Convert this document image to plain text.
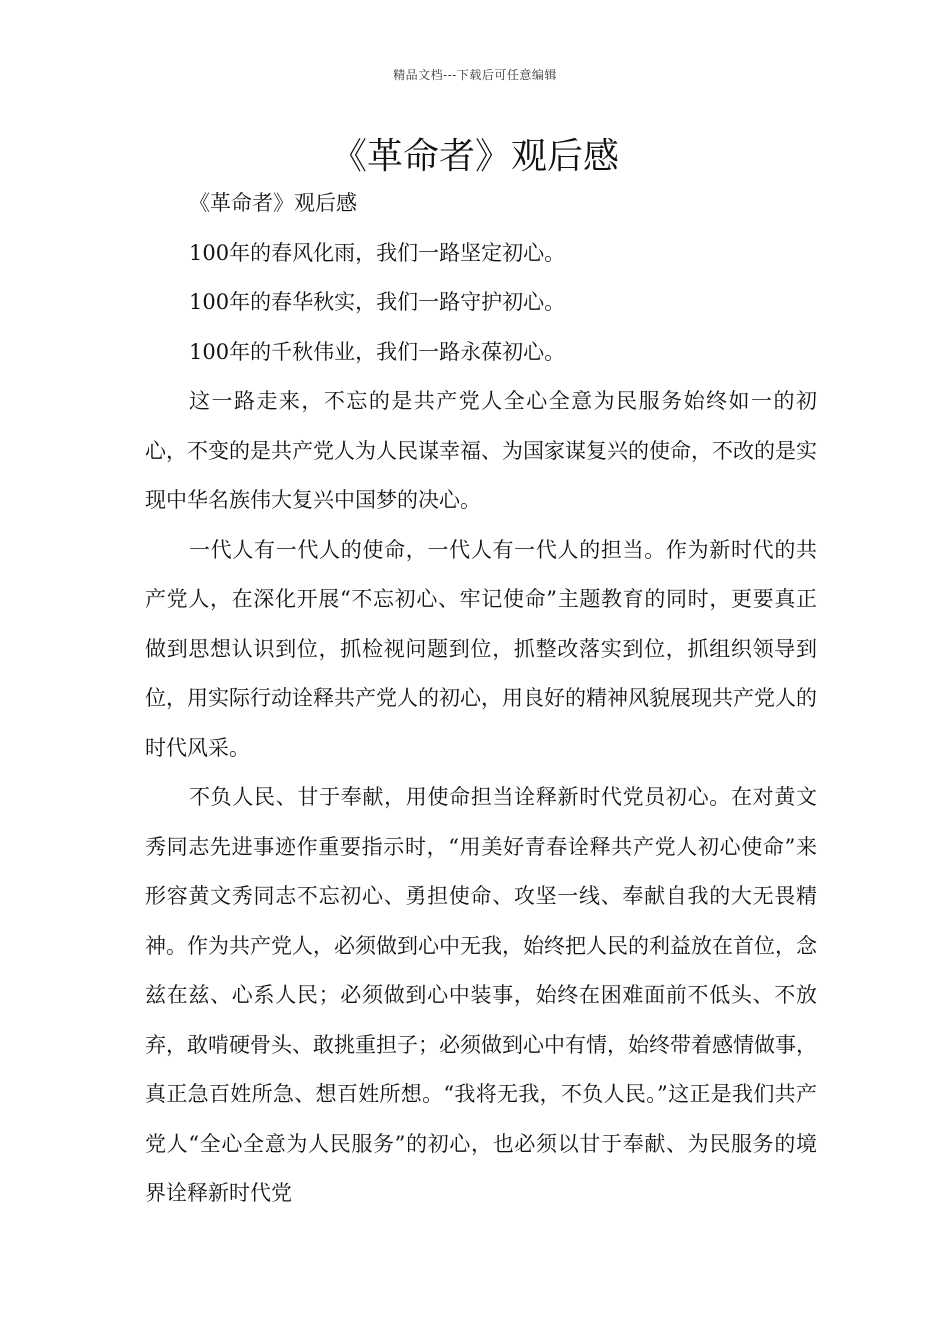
精品文档---下载后可任意编辑
《革命者》观后感

《革命者》观后感

100年的春风化雨，我们一路坚定初心。

100年的春华秋实，我们一路守护初心。

100年的千秋伟业，我们一路永葆初心。

这一路走来，不忘的是共产党人全心全意为民服务始终如一的初心，不变的是共产党人为人民谋幸福、为国家谋复兴的使命，不改的是实现中华名族伟大复兴中国梦的决心。

一代人有一代人的使命，一代人有一代人的担当。作为新时代的共产党人，在深化开展“不忘初心、牢记使命”主题教育的同时，更要真正做到思想认识到位，抓检视问题到位，抓整改落实到位，抓组织领导到位，用实际行动诠释共产党人的初心，用良好的精神风貌展现共产党人的时代风采。

不负人民、甘于奉献，用使命担当诠释新时代党员初心。在对黄文秀同志先进事迹作重要指示时，“用美好青春诠释共产党人初心使命”来形容黄文秀同志不忘初心、勇担使命、攻坚一线、奉献自我的大无畏精神。作为共产党人，必须做到心中无我，始终把人民的利益放在首位，念兹在兹、心系人民；必须做到心中装事，始终在困难面前不低头、不放弃，敢啃硬骨头、敢挑重担子；必须做到心中有情，始终带着感情做事，真正急百姓所急、想百姓所想。“我将无我，不负人民。”这正是我们共产党人“全心全意为人民服务”的初心，也必须以甘于奉献、为民服务的境界诠释新时代党
